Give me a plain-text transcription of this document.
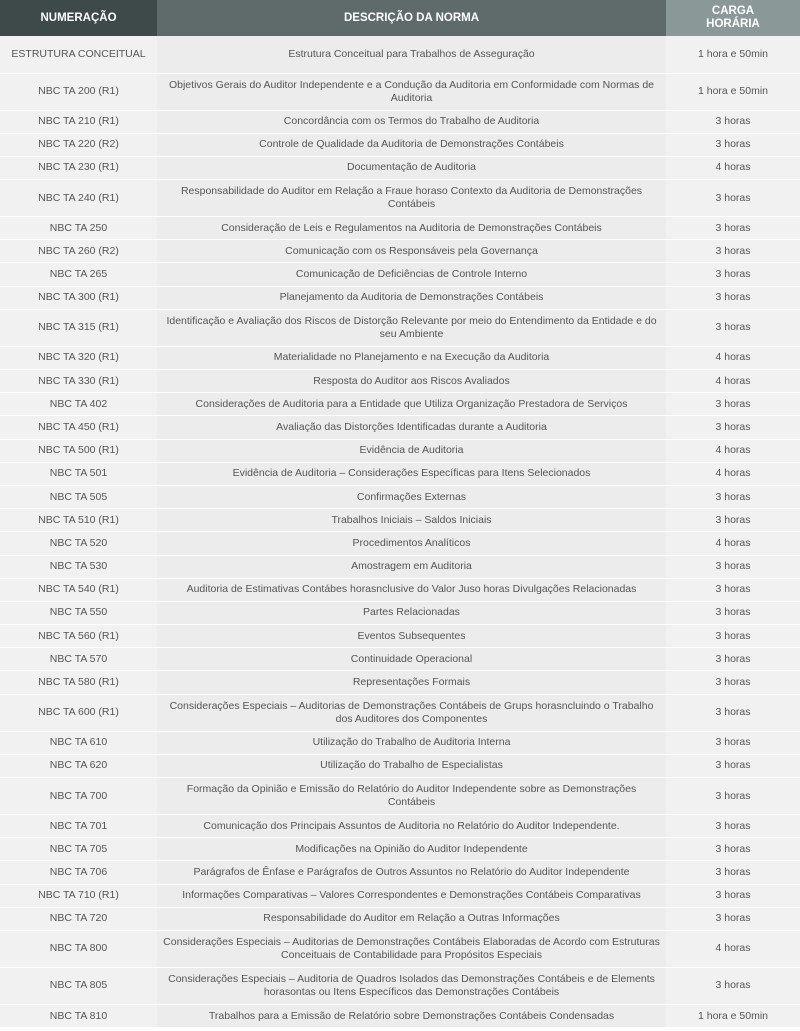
NUMERAÇÃO	DESCRIÇÃO DA NORMA	CARGA
HORÁRIA
ESTRUTURA CONCEITUAL	Estrutura Conceitual para Trabalhos de Asseguração	1 hora e 50min
NBC TA 200 (R1)	Objetivos Gerais do Auditor Independente e a Condução da Auditoria em Conformidade com Normas de Auditoria	1 hora e 50min
NBC TA 210 (R1)	Concordância com os Termos do Trabalho de Auditoria	3 horas
NBC TA 220 (R2)	Controle de Qualidade da Auditoria de Demonstrações Contábeis	3 horas
NBC TA 230 (R1)	Documentação de Auditoria	4 horas
NBC TA 240 (R1)	Responsabilidade do Auditor em Relação a Fraue horaso Contexto da Auditoria de Demonstrações Contábeis	3 horas
NBC TA 250	Consideração de Leis e Regulamentos na Auditoria de Demonstrações Contábeis	3 horas
NBC TA 260 (R2)	Comunicação com os Responsáveis pela Governança	3 horas
NBC TA 265	Comunicação de Deficiências de Controle Interno	3 horas
NBC TA 300 (R1)	Planejamento da Auditoria de Demonstrações Contábeis	3 horas
NBC TA 315 (R1)	Identificação e Avaliação dos Riscos de Distorção Relevante por meio do Entendimento da Entidade e do seu Ambiente	3 horas
NBC TA 320 (R1)	Materialidade no Planejamento e na Execução da Auditoria	4 horas
NBC TA 330 (R1)	Resposta do Auditor aos Riscos Avaliados	4 horas
NBC TA 402	Considerações de Auditoria para a Entidade que Utiliza Organização Prestadora de Serviços	3 horas
NBC TA 450 (R1)	Avaliação das Distorções Identificadas durante a Auditoria	3 horas
NBC TA 500 (R1)	Evidência de Auditoria	4 horas
NBC TA 501	Evidência de Auditoria – Considerações Específicas para Itens Selecionados	4 horas
NBC TA 505	Confirmações Externas	3 horas
NBC TA 510 (R1)	Trabalhos Iniciais – Saldos Iniciais	3 horas
NBC TA 520	Procedimentos Analíticos	4 horas
NBC TA 530	Amostragem em Auditoria	3 horas
NBC TA 540 (R1)	Auditoria de Estimativas Contábes horasnclusive do Valor Juso horas Divulgações Relacionadas	3 horas
NBC TA 550	Partes Relacionadas	3 horas
NBC TA 560 (R1)	Eventos Subsequentes	3 horas
NBC TA 570	Continuidade Operacional	3 horas
NBC TA 580 (R1)	Representações Formais	3 horas
NBC TA 600 (R1)	Considerações Especiais – Auditorias de Demonstrações Contábeis de Grups horasncluindo o Trabalho dos Auditores dos Componentes	3 horas
NBC TA 610	Utilização do Trabalho de Auditoria Interna	3 horas
NBC TA 620	Utilização do Trabalho de Especialistas	3 horas
NBC TA 700	Formação da Opinião e Emissão do Relatório do Auditor Independente sobre as Demonstrações Contábeis	3 horas
NBC TA 701	Comunicação dos Principais Assuntos de Auditoria no Relatório do Auditor Independente.	3 horas
NBC TA 705	Modificações na Opinião do Auditor Independente	3 horas
NBC TA 706	Parágrafos de Ênfase e Parágrafos de Outros Assuntos no Relatório do Auditor Independente	3 horas
NBC TA 710 (R1)	Informações Comparativas – Valores Correspondentes e Demonstrações Contábeis Comparativas	3 horas
NBC TA 720	Responsabilidade do Auditor em Relação a Outras Informações	3 horas
NBC TA 800	Considerações Especiais – Auditorias de Demonstrações Contábeis Elaboradas de Acordo com Estruturas Conceituais de Contabilidade para Propósitos Especiais	4 horas
NBC TA 805	Considerações Especiais – Auditoria de Quadros Isolados das Demonstrações Contábeis e de Elements horasontas ou Itens Específicos das Demonstrações Contábeis	3 horas
NBC TA 810	Trabalhos para a Emissão de Relatório sobre Demonstrações Contábeis Condensadas	1 hora e 50min
